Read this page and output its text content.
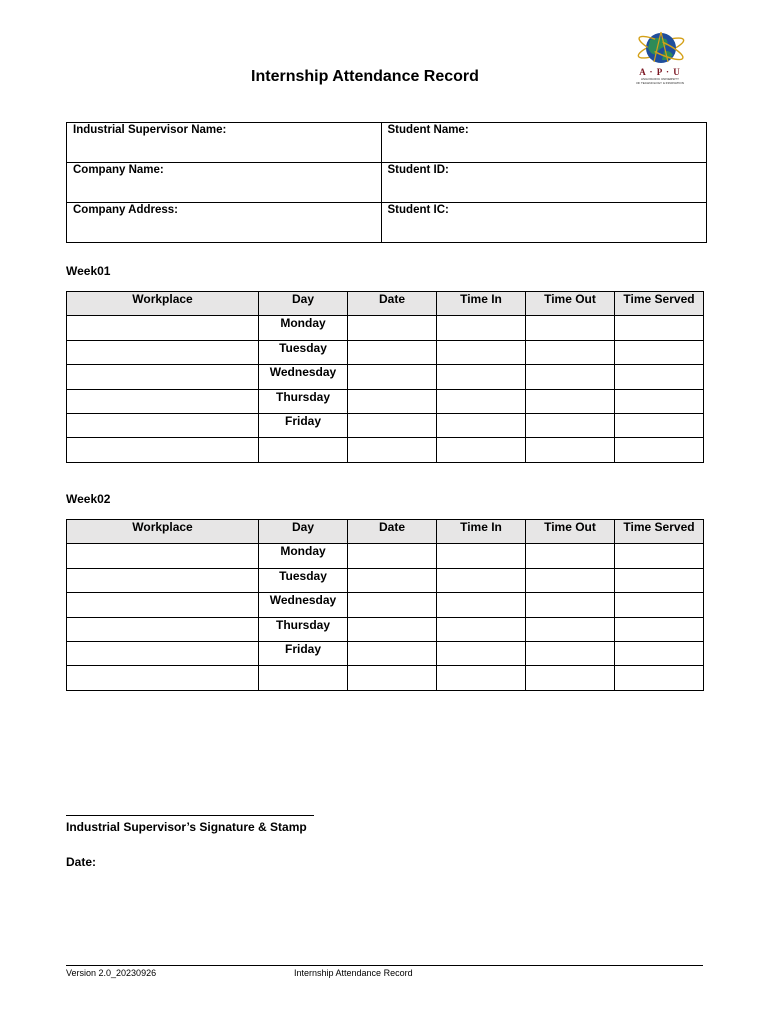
Internship Attendance Record	A · P · U
ASIA PACIFIC UNIVERSITY
OF TECHNOLOGY & INNOVATION
Industrial Supervisor Name:	Student Name:
Company Name:	Student ID:
Company Address:	Student IC:
Week01
Workplace	Day	Date	Time In	Time Out	Time Served
	Monday				
	Tuesday				
	Wednesday				
	Thursday				
	Friday				

Week02
Workplace	Day	Date	Time In	Time Out	Time Served
	Monday				
	Tuesday				
	Wednesday				
	Thursday				
	Friday				

Industrial Supervisor’s Signature & Stamp
Date:
Version 2.0_20230926	Internship Attendance Record
